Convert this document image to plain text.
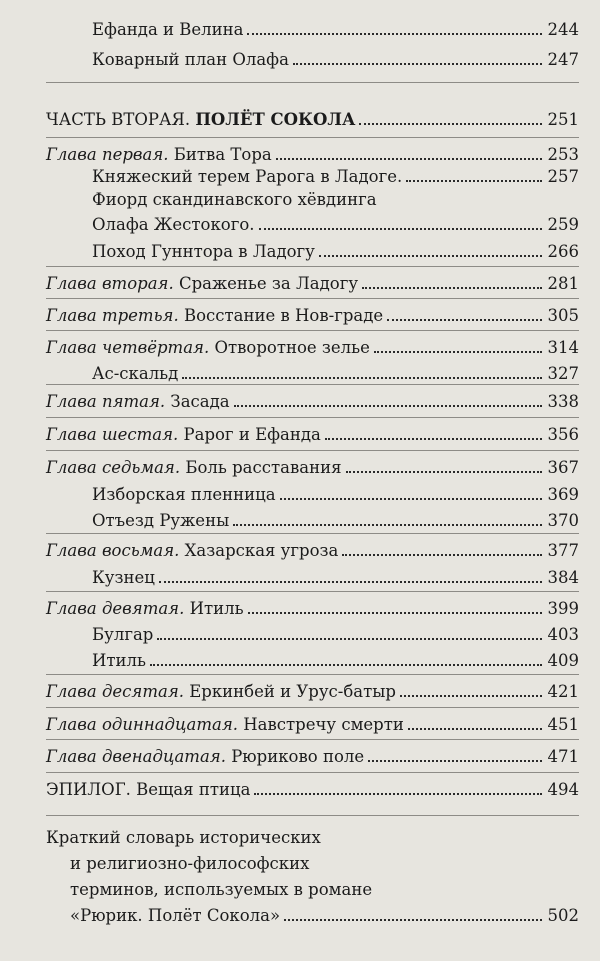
Ефанда и Велина	244
Коварный план Олафа	247
ЧАСТЬ ВТОРАЯ. ПОЛЁТ СОКОЛА	251
Глава первая. Битва Тора	253
Княжеский терем Рарога в Ладоге.	257
Фиорд скандинавского хёвдинга
Олафа Жестокого.	259
Поход Гуннтора в Ладогу	266
Глава вторая. Сраженье за Ладогу	281
Глава третья. Восстание в Нов-граде	305
Глава четвёртая. Отворотное зелье	314
Ас-скальд	327
Глава пятая. Засада	338
Глава шестая. Рарог и Ефанда	356
Глава седьмая. Боль расставания	367
Изборская пленница	369
Отъезд Ружены	370
Глава восьмая. Хазарская угроза	377
Кузнец	384
Глава девятая. Итиль	399
Булгар	403
Итиль	409
Глава десятая. Еркинбей и Урус-батыр	421
Глава одиннадцатая. Навстречу смерти	451
Глава двенадцатая. Рюриково поле	471
ЭПИЛОГ. Вещая птица	494
Краткий словарь исторических
и религиозно-философских
терминов, используемых в романе
«Рюрик. Полёт Сокола»	502
